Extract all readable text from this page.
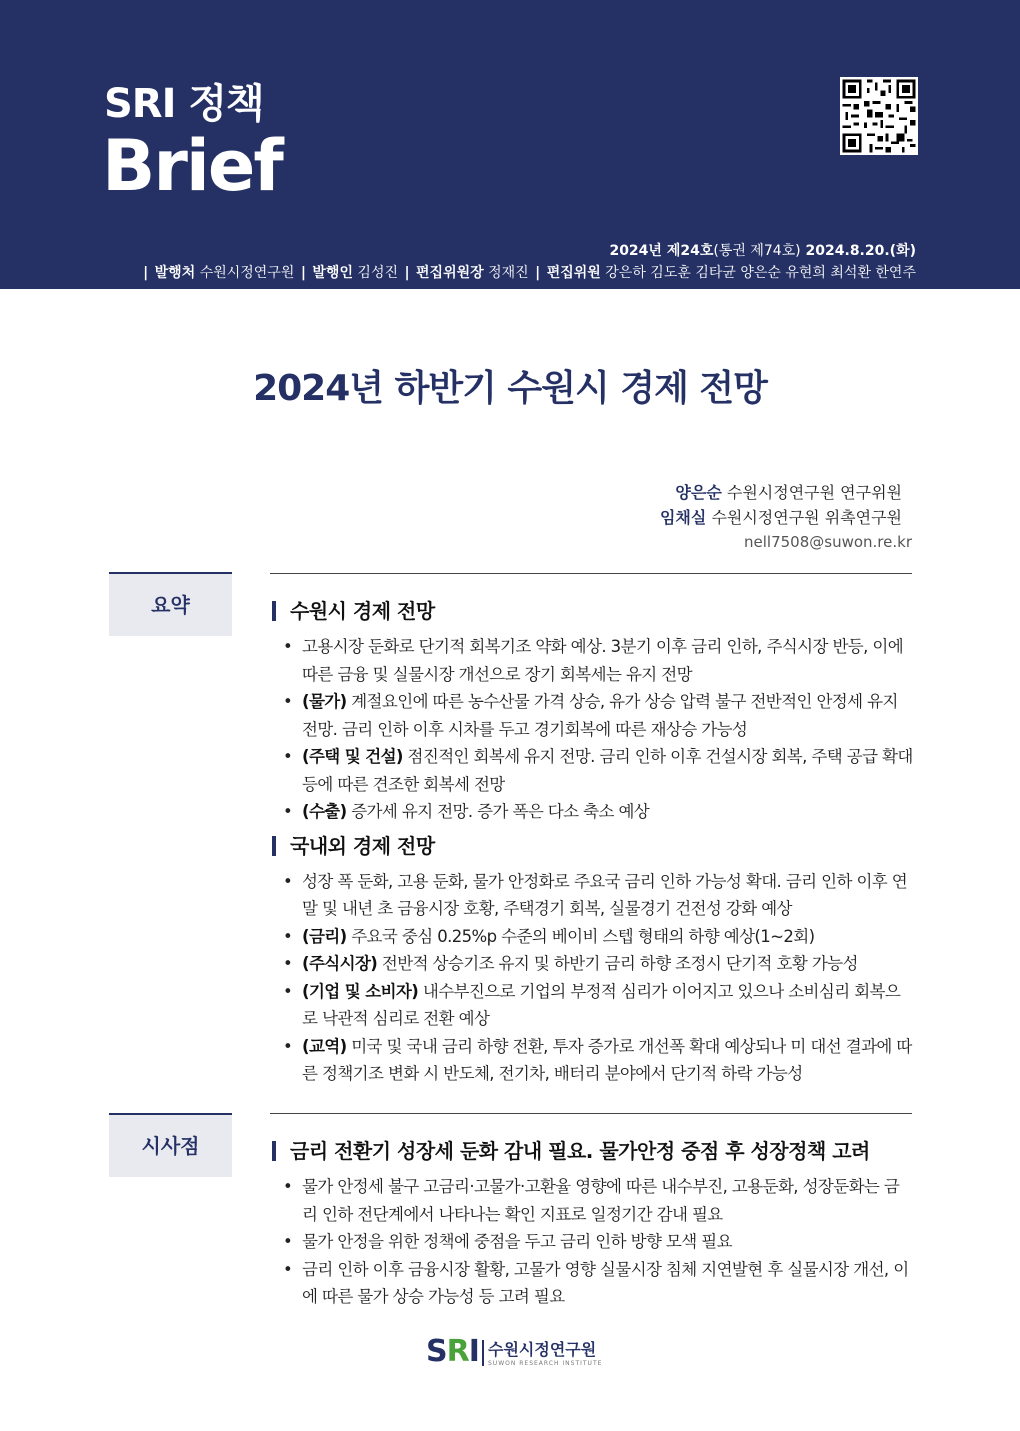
SRI 정책
Brief
2024년 제24호(통권 제74호) 2024.8.20.(화)
| 발행처 수원시정연구원 | 발행인 김성진 | 편집위원장 정재진 | 편집위원 강은하 김도훈 김타균 양은순 유현희 최석환 한연주
2024년 하반기 수원시 경제 전망
양은순 수원시정연구원 연구위원
임채실 수원시정연구원 위촉연구원
nell7508@suwon.re.kr
요약	수원시 경제 전망
• 고용시장 둔화로 단기적 회복기조 약화 예상. 3분기 이후 금리 인하, 주식시장 반등, 이에 따른 금융 및 실물시장 개선으로 장기 회복세는 유지 전망
• (물가) 계절요인에 따른 농수산물 가격 상승, 유가 상승 압력 불구 전반적인 안정세 유지 전망. 금리 인하 이후 시차를 두고 경기회복에 따른 재상승 가능성
• (주택 및 건설) 점진적인 회복세 유지 전망. 금리 인하 이후 건설시장 회복, 주택 공급 확대 등에 따른 견조한 회복세 전망
• (수출) 증가세 유지 전망. 증가 폭은 다소 축소 예상
국내외 경제 전망
• 성장 폭 둔화, 고용 둔화, 물가 안정화로 주요국 금리 인하 가능성 확대. 금리 인하 이후 연말 및 내년 초 금융시장 호황, 주택경기 회복, 실물경기 건전성 강화 예상
• (금리) 주요국 중심 0.25%p 수준의 베이비 스텝 형태의 하향 예상(1~2회)
• (주식시장) 전반적 상승기조 유지 및 하반기 금리 하향 조정시 단기적 호황 가능성
• (기업 및 소비자) 내수부진으로 기업의 부정적 심리가 이어지고 있으나 소비심리 회복으로 낙관적 심리로 전환 예상
• (교역) 미국 및 국내 금리 하향 전환, 투자 증가로 개선폭 확대 예상되나 미 대선 결과에 따른 정책기조 변화 시 반도체, 전기차, 배터리 분야에서 단기적 하락 가능성
시사점	금리 전환기 성장세 둔화 감내 필요. 물가안정 중점 후 성장정책 고려
• 물가 안정세 불구 고금리·고물가·고환율 영향에 따른 내수부진, 고용둔화, 성장둔화는 금리 인하 전단계에서 나타나는 확인 지표로 일정기간 감내 필요
• 물가 안정을 위한 정책에 중점을 두고 금리 인하 방향 모색 필요
• 금리 인하 이후 금융시장 활황, 고물가 영향 실물시장 침체 지연발현 후 실물시장 개선, 이에 따른 물가 상승 가능성 등 고려 필요
SRI 수원시정연구원
SUWON RESEARCH INSTITUTE
